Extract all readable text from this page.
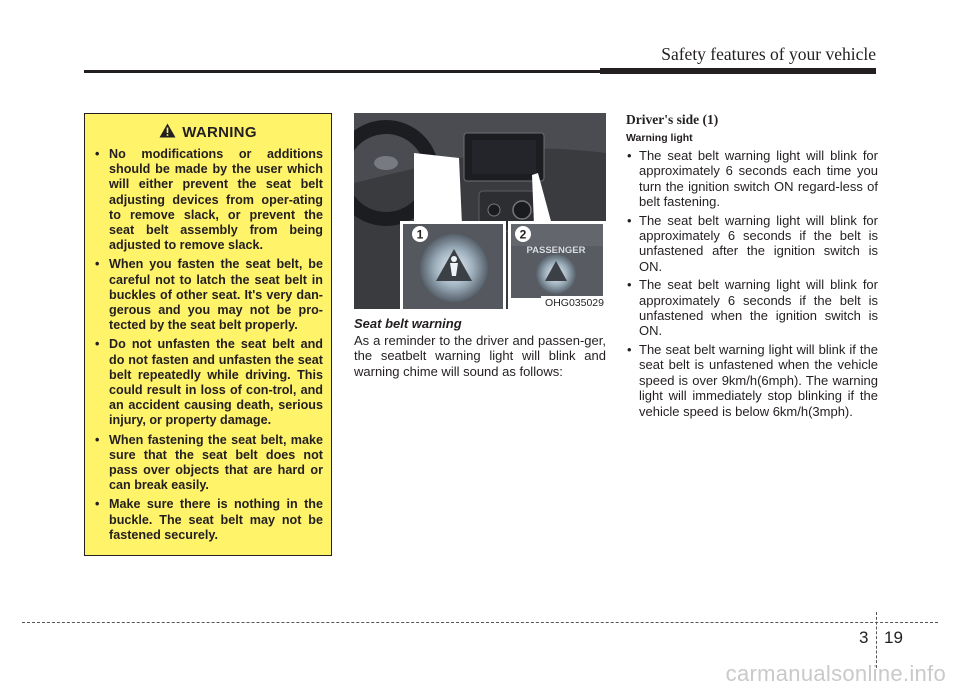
Safety features of your vehicle
WARNING
• No modifications or additions should be made by the user which will either prevent the seat belt adjusting devices from oper-ating to remove slack, or prevent the seat belt assembly from being adjusted to remove slack.
• When you fasten the seat belt, be careful not to latch the seat belt in buckles of other seat. It's very dan-gerous and you may not be pro-tected by the seat belt properly.
• Do not unfasten the seat belt and do not fasten and unfasten the seat belt repeatedly while driving. This could result in loss of con-trol, and an accident causing death, serious injury, or property damage.
• When fastening the seat belt, make sure that the seat belt does not pass over objects that are hard or can break easily.
• Make sure there is nothing in the buckle. The seat belt may not be fastened securely.
1	2
PASSENGER
OHG035029
Seat belt warning
As a reminder to the driver and passen-ger, the seatbelt warning light will blink and warning chime will sound as follows:
Driver's side (1)
Warning light
• The seat belt warning light will blink for approximately 6 seconds each time you turn the ignition switch ON regard-less of belt fastening.
• The seat belt warning light will blink for approximately 6 seconds if the belt is unfastened after the ignition switch is ON.
• The seat belt warning light will blink for approximately 6 seconds if the belt is unfastened when the ignition switch is ON.
• The seat belt warning light will blink if the seat belt is unfastened when the vehicle speed is over 9km/h(6mph). The warning light will immediately stop blinking if the vehicle speed is below 6km/h(3mph).
3 19
carmanualsonline.info
